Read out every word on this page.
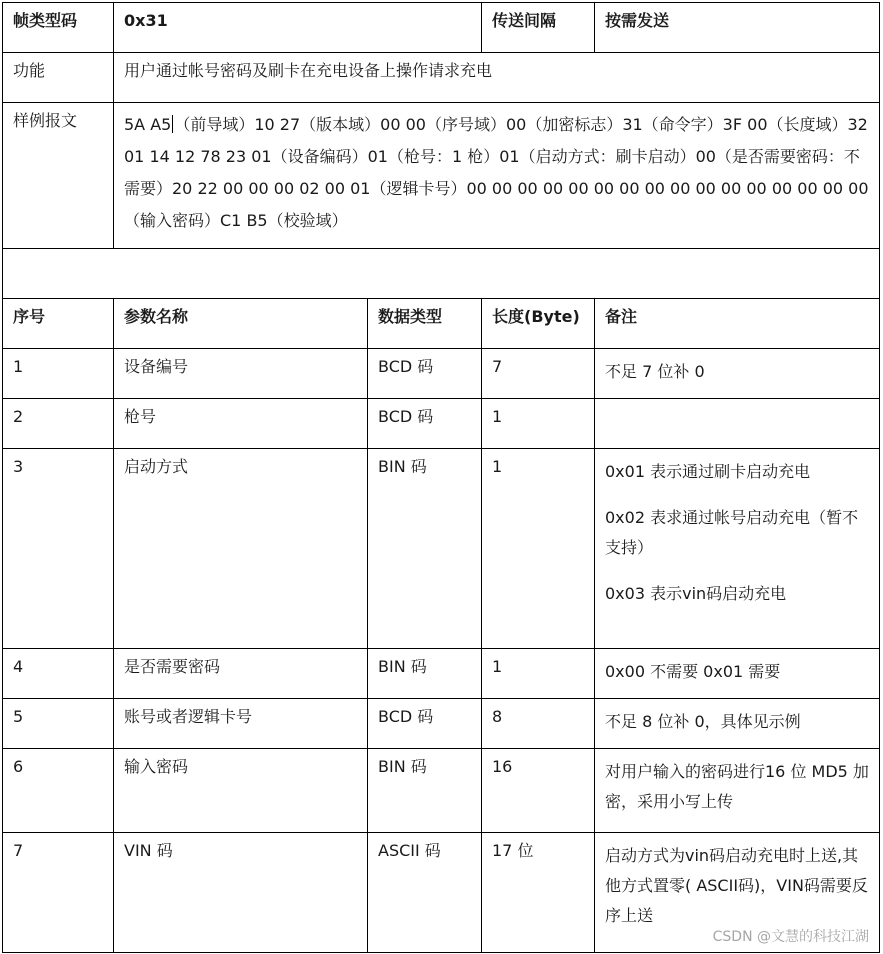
帧类型码	0x31		传送间隔	按需发送
功能	用户通过帐号密码及刷卡在充电设备上操作请求充电			
样例报文	5A A5 （前导域）10 27（版本域）00 00（序号域）00（加密标志）31（命令字）3F 00（长度域）32 01 14 12 78 23 01（设备编码）01（枪号：1 枪）01（启动方式：刷卡启动）00（是否需要密码：不需要）20 22 00 00 00 02 00 01（逻辑卡号）00 00 00 00 00 00 00 00 00 00 00 00 00 00 00 00（输入密码）C1 B5（校验域）			

序号	参数名称	数据类型	长度(Byte)	备注
1	设备编号	BCD 码	7	不足 7 位补 0

2	枪号	BCD 码	1	

3	启动方式	BIN 码	1	0x01 表示通过刷卡启动充电
0x02 表求通过帐号启动充电（暂不支持）
0x03 表示vin码启动充电

4	是否需要密码	BIN 码	1	0x00 不需要 0x01 需要

5	账号或者逻辑卡号	BCD 码	8	不足 8 位补 0，具体见示例

6	输入密码	BIN 码	16	对用户输入的密码进行16 位 MD5 加密，采用小写上传

7	VIN 码	ASCII 码	17 位	启动方式为vin码启动充电时上送,其他方式置零( ASCII码)，VIN码需要反序上送
CSDN @文慧的科技江湖
